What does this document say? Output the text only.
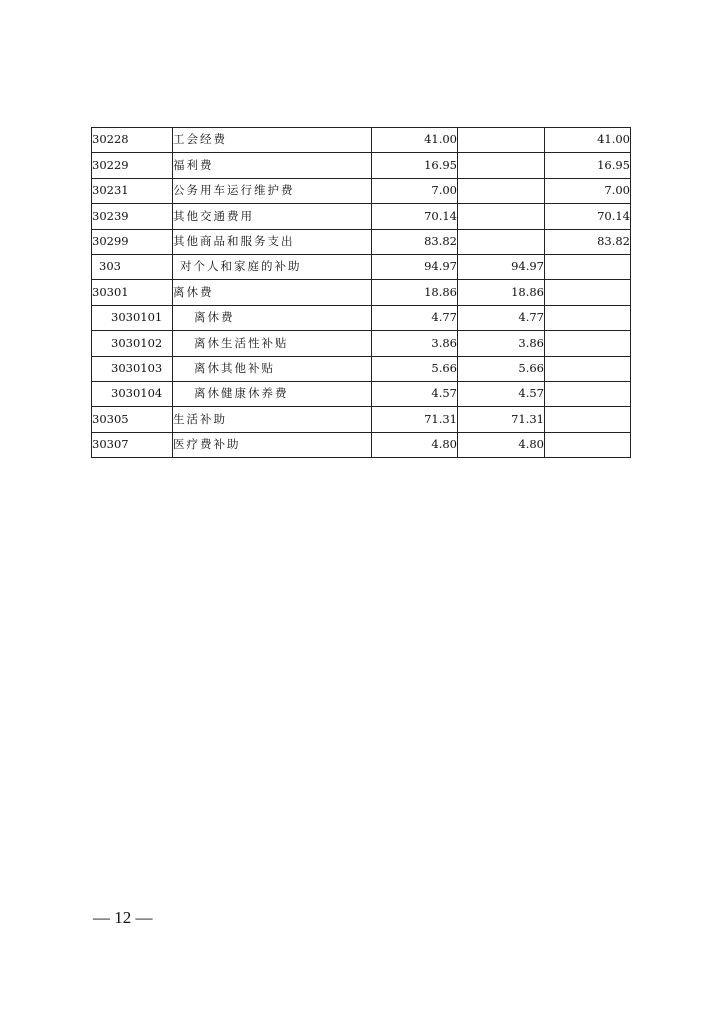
30228	工会经费	41.00		41.00
30229	福利费	16.95		16.95
30231	公务用车运行维护费	7.00		7.00
30239	其他交通费用	70.14		70.14
30299	其他商品和服务支出	83.82		83.82
303	对个人和家庭的补助	94.97	94.97	
30301	离休费	18.86	18.86	
3030101	离休费	4.77	4.77	
3030102	离休生活性补贴	3.86	3.86	
3030103	离休其他补贴	5.66	5.66	
3030104	离休健康休养费	4.57	4.57	
30305	生活补助	71.31	71.31	
30307	医疗费补助	4.80	4.80	
— 12 —
